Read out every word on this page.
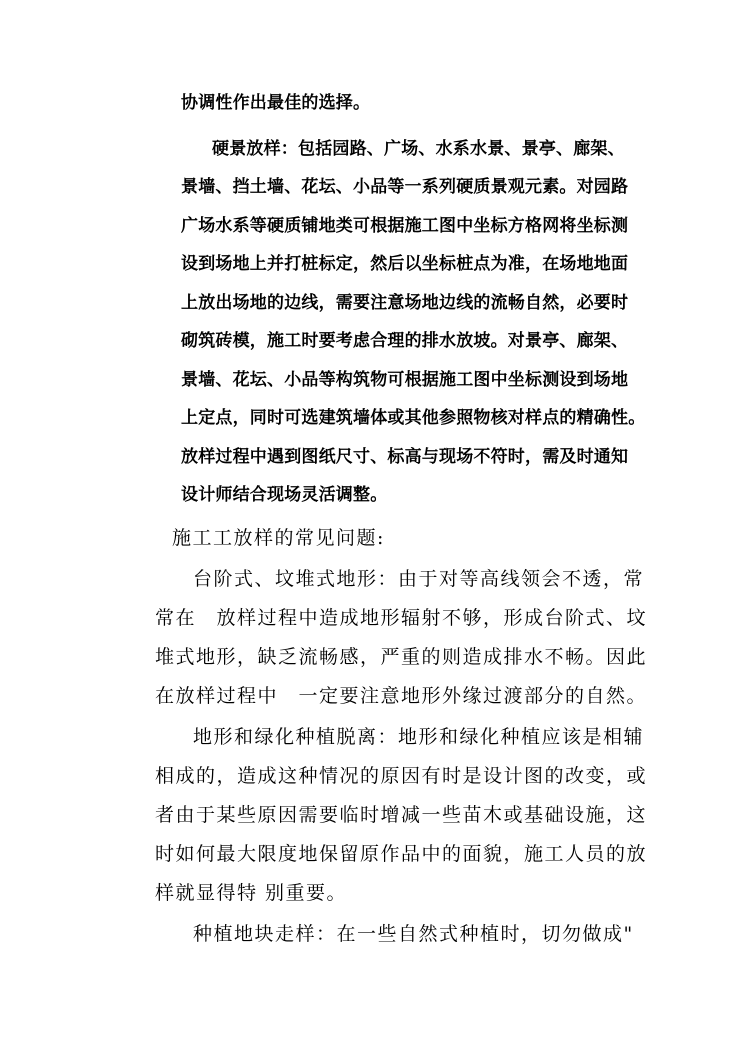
协调性作出最佳的选择。
硬景放样：包括园路、广场、水系水景、景亭、廊架、
景墙、挡土墙、花坛、小品等一系列硬质景观元素。对园路
广场水系等硬质铺地类可根据施工图中坐标方格网将坐标测
设到场地上并打桩标定，然后以坐标桩点为准，在场地地面
上放出场地的边线，需要注意场地边线的流畅自然，必要时
砌筑砖模，施工时要考虑合理的排水放坡。对景亭、廊架、
景墙、花坛、小品等构筑物可根据施工图中坐标测设到场地
上定点，同时可选建筑墙体或其他参照物核对样点的精确性。
放样过程中遇到图纸尺寸、标高与现场不符时，需及时通知
设计师结合现场灵活调整。
施工工放样的常见问题:
台阶式、坟堆式地形：由于对等高线领会不透，常
常在　放样过程中造成地形辐射不够，形成台阶式、坟
堆式地形，缺乏流畅感，严重的则造成排水不畅。因此
在放样过程中　一定要注意地形外缘过渡部分的自然。
地形和绿化种植脱离：地形和绿化种植应该是相辅
相成的，造成这种情况的原因有时是设计图的改变，或
者由于某些原因需要临时增减一些苗木或基础设施，这
时如何最大限度地保留原作品中的面貌，施工人员的放
样就显得特 别重要。
种植地块走样：在一些自然式种植时，切勿做成"
